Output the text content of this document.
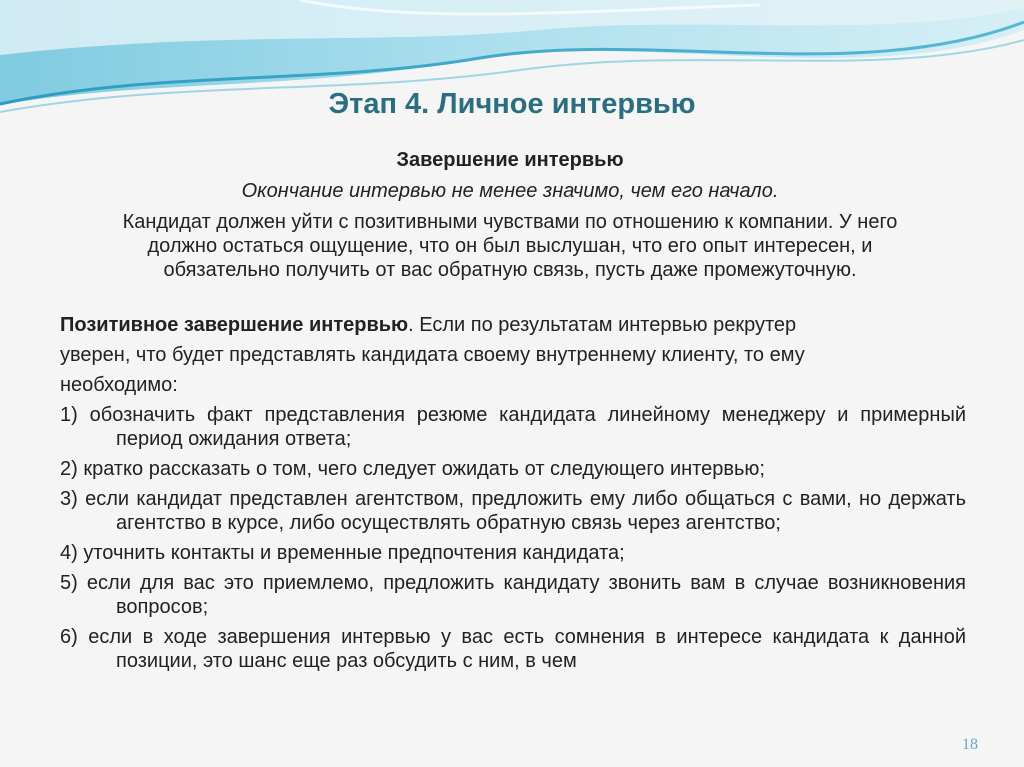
Этап 4. Личное интервью

Завершение интервью

Окончание интервью не менее значимо, чем его начало.

Кандидат должен уйти с позитивными чувствами по отношению к компании. У него должно остаться ощущение, что он был выслушан, что его опыт интересен, и обязательно получить от вас обратную связь, пусть даже промежуточную.

Позитивное завершение интервью. Если по результатам интервью рекрутер

уверен, что будет представлять кандидата своему внутреннему клиенту, то ему

необходимо:

1) обозначить факт представления резюме кандидата линейному менеджеру и примерный период ожидания ответа;

2) кратко рассказать о том, чего следует ожидать от следующего интервью;

3) если кандидат представлен агентством, предложить ему либо общаться с вами, но держать агентство в курсе, либо осуществлять обратную связь через агентство;

4) уточнить контакты и временные предпочтения кандидата;

5) если для вас это приемлемо, предложить кандидату звонить вам в случае возникновения вопросов;

6) если в ходе завершения интервью у вас есть сомнения в интересе кандидата к данной позиции, это шанс еще раз обсудить с ним, в чем

18
